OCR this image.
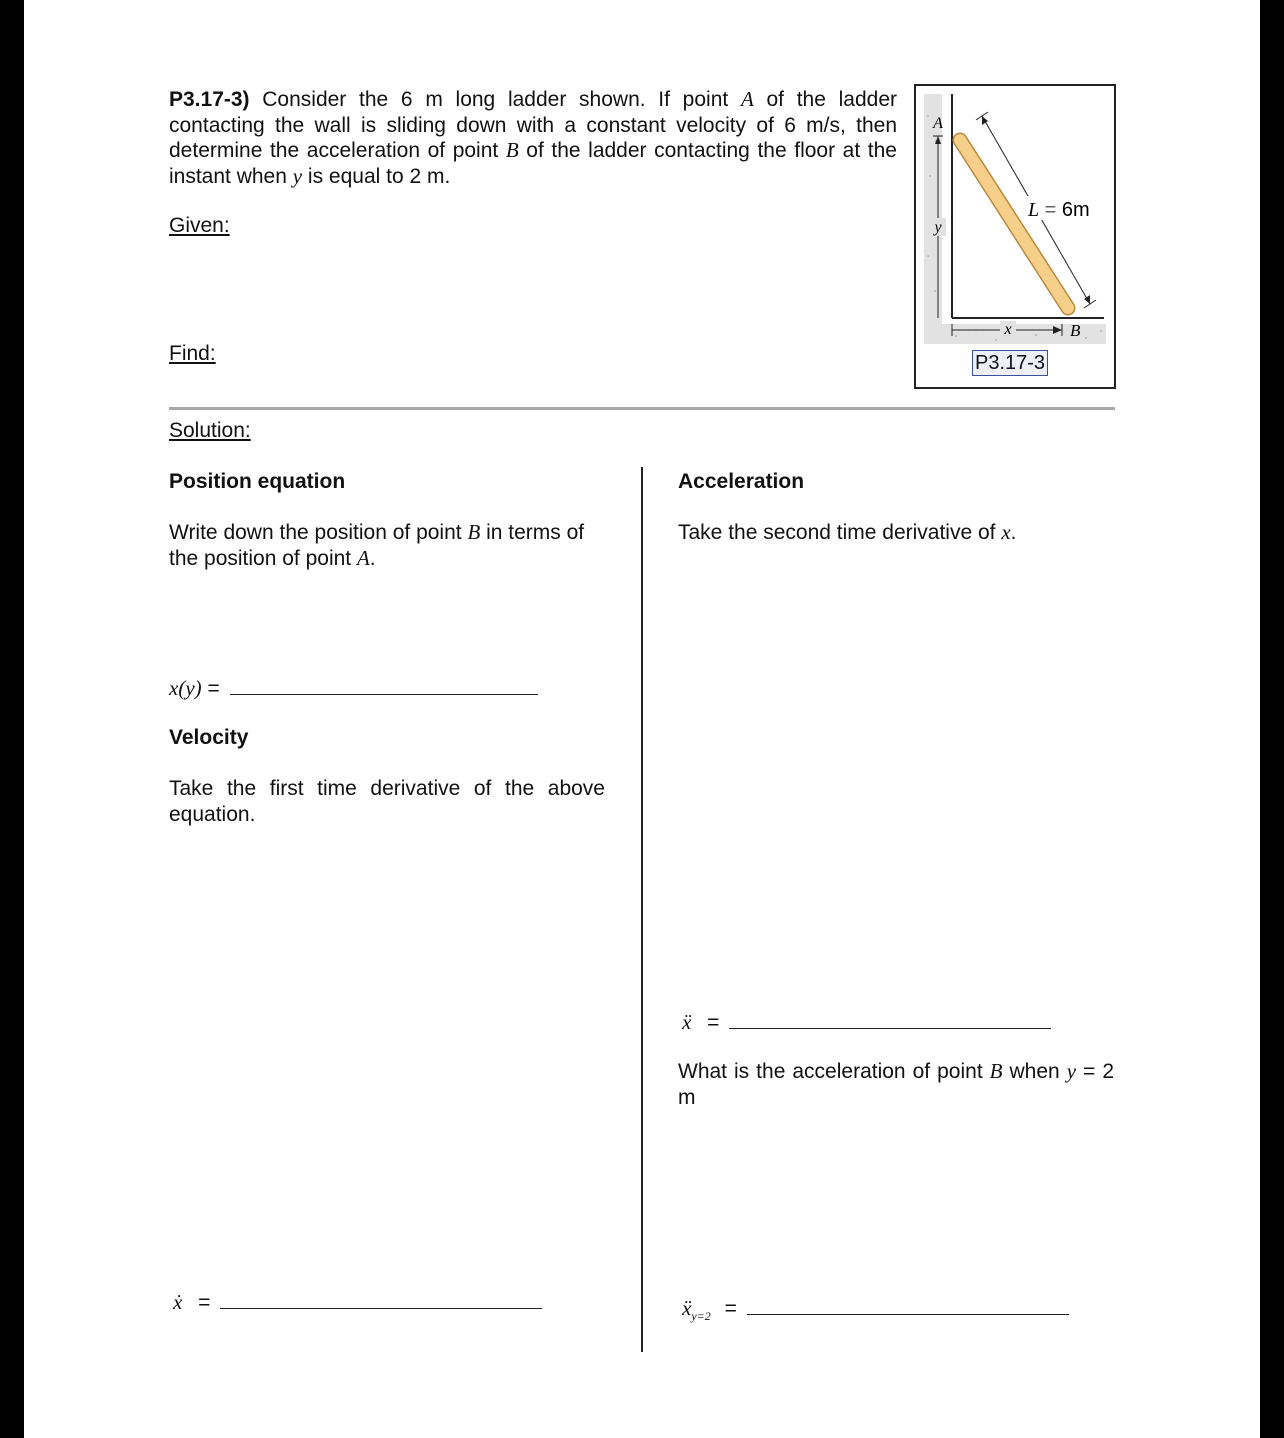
P3.17-3) Consider the 6 m long ladder shown. If point A of the ladder contacting the wall is sliding down with a constant velocity of 6 m/s, then determine the acceleration of point B of the ladder contacting the floor at the instant when y is equal to 2 m.
Given:
Find:
y
A
L = 6m
x	B
P3.17-3
Solution:
Position equation
Write down the position of point B in terms of the position of point A.
x(y) =
Velocity
Take the first time derivative of the above equation.
ẋ =
Acceleration
Take the second time derivative of x.
ẍ =
What is the acceleration of point B when y = 2 m
ẍ$_{y=2}$ =
